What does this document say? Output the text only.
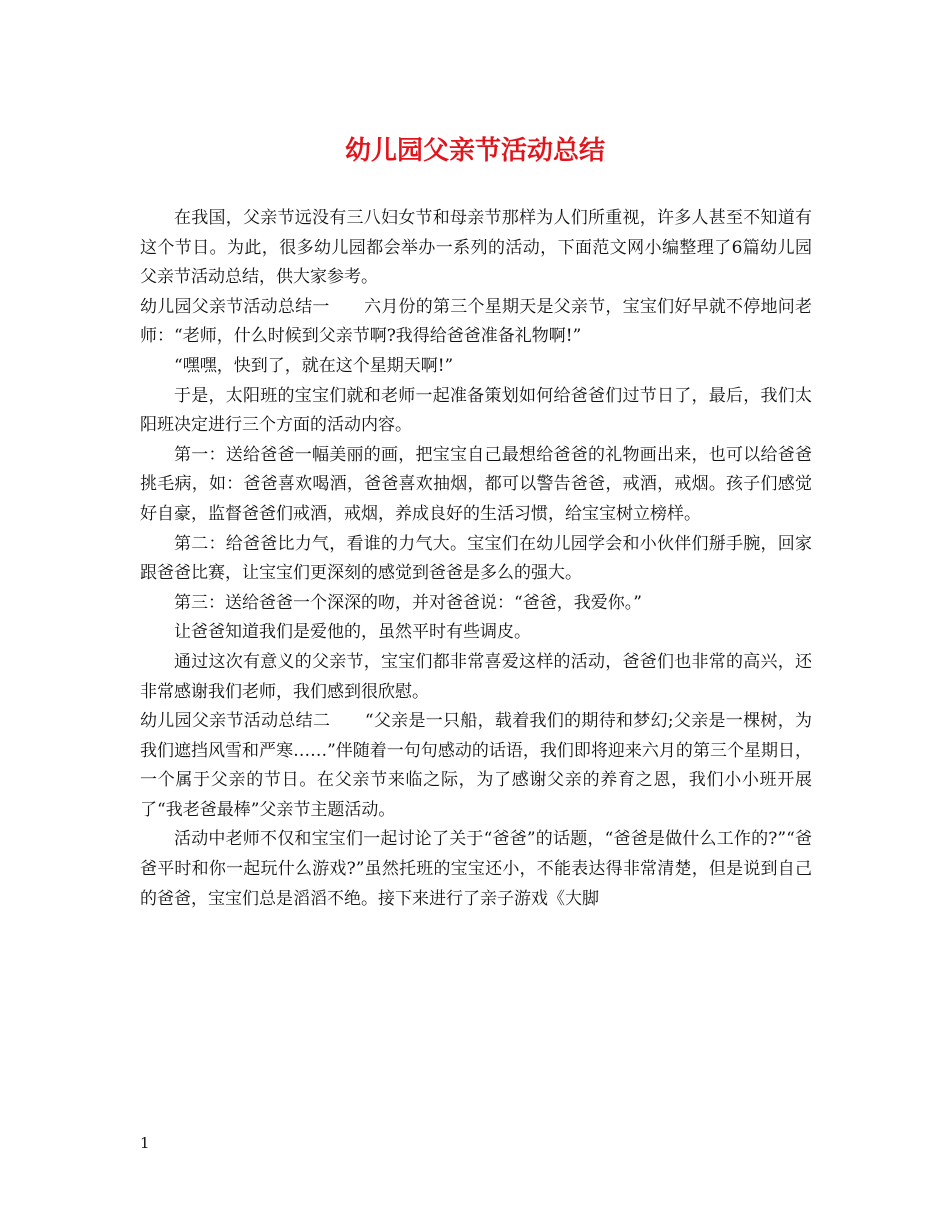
幼儿园父亲节活动总结

在我国，父亲节远没有三八妇女节和母亲节那样为人们所重视，许多人甚至不知道有这个节日。为此，很多幼儿园都会举办一系列的活动，下面范文网小编整理了6篇幼儿园父亲节活动总结，供大家参考。

幼儿园父亲节活动总结一　　六月份的第三个星期天是父亲节，宝宝们好早就不停地问老师：“老师，什么时候到父亲节啊?我得给爸爸准备礼物啊!”

“嘿嘿，快到了，就在这个星期天啊!”

于是，太阳班的宝宝们就和老师一起准备策划如何给爸爸们过节日了，最后，我们太阳班决定进行三个方面的活动内容。

第一：送给爸爸一幅美丽的画，把宝宝自己最想给爸爸的礼物画出来，也可以给爸爸挑毛病，如：爸爸喜欢喝酒，爸爸喜欢抽烟，都可以警告爸爸，戒酒，戒烟。孩子们感觉好自豪，监督爸爸们戒酒，戒烟，养成良好的生活习惯，给宝宝树立榜样。

第二：给爸爸比力气，看谁的力气大。宝宝们在幼儿园学会和小伙伴们掰手腕，回家跟爸爸比赛，让宝宝们更深刻的感觉到爸爸是多么的强大。

第三：送给爸爸一个深深的吻，并对爸爸说：“爸爸，我爱你。”

让爸爸知道我们是爱他的，虽然平时有些调皮。

通过这次有意义的父亲节，宝宝们都非常喜爱这样的活动，爸爸们也非常的高兴，还非常感谢我们老师，我们感到很欣慰。

幼儿园父亲节活动总结二　　“父亲是一只船，载着我们的期待和梦幻;父亲是一棵树，为我们遮挡风雪和严寒……”伴随着一句句感动的话语，我们即将迎来六月的第三个星期日，一个属于父亲的节日。在父亲节来临之际，为了感谢父亲的养育之恩，我们小小班开展了“我老爸最棒”父亲节主题活动。

活动中老师不仅和宝宝们一起讨论了关于“爸爸”的话题，“爸爸是做什么工作的?”“爸爸平时和你一起玩什么游戏?”虽然托班的宝宝还小，不能表达得非常清楚，但是说到自己的爸爸，宝宝们总是滔滔不绝。接下来进行了亲子游戏《大脚

1
